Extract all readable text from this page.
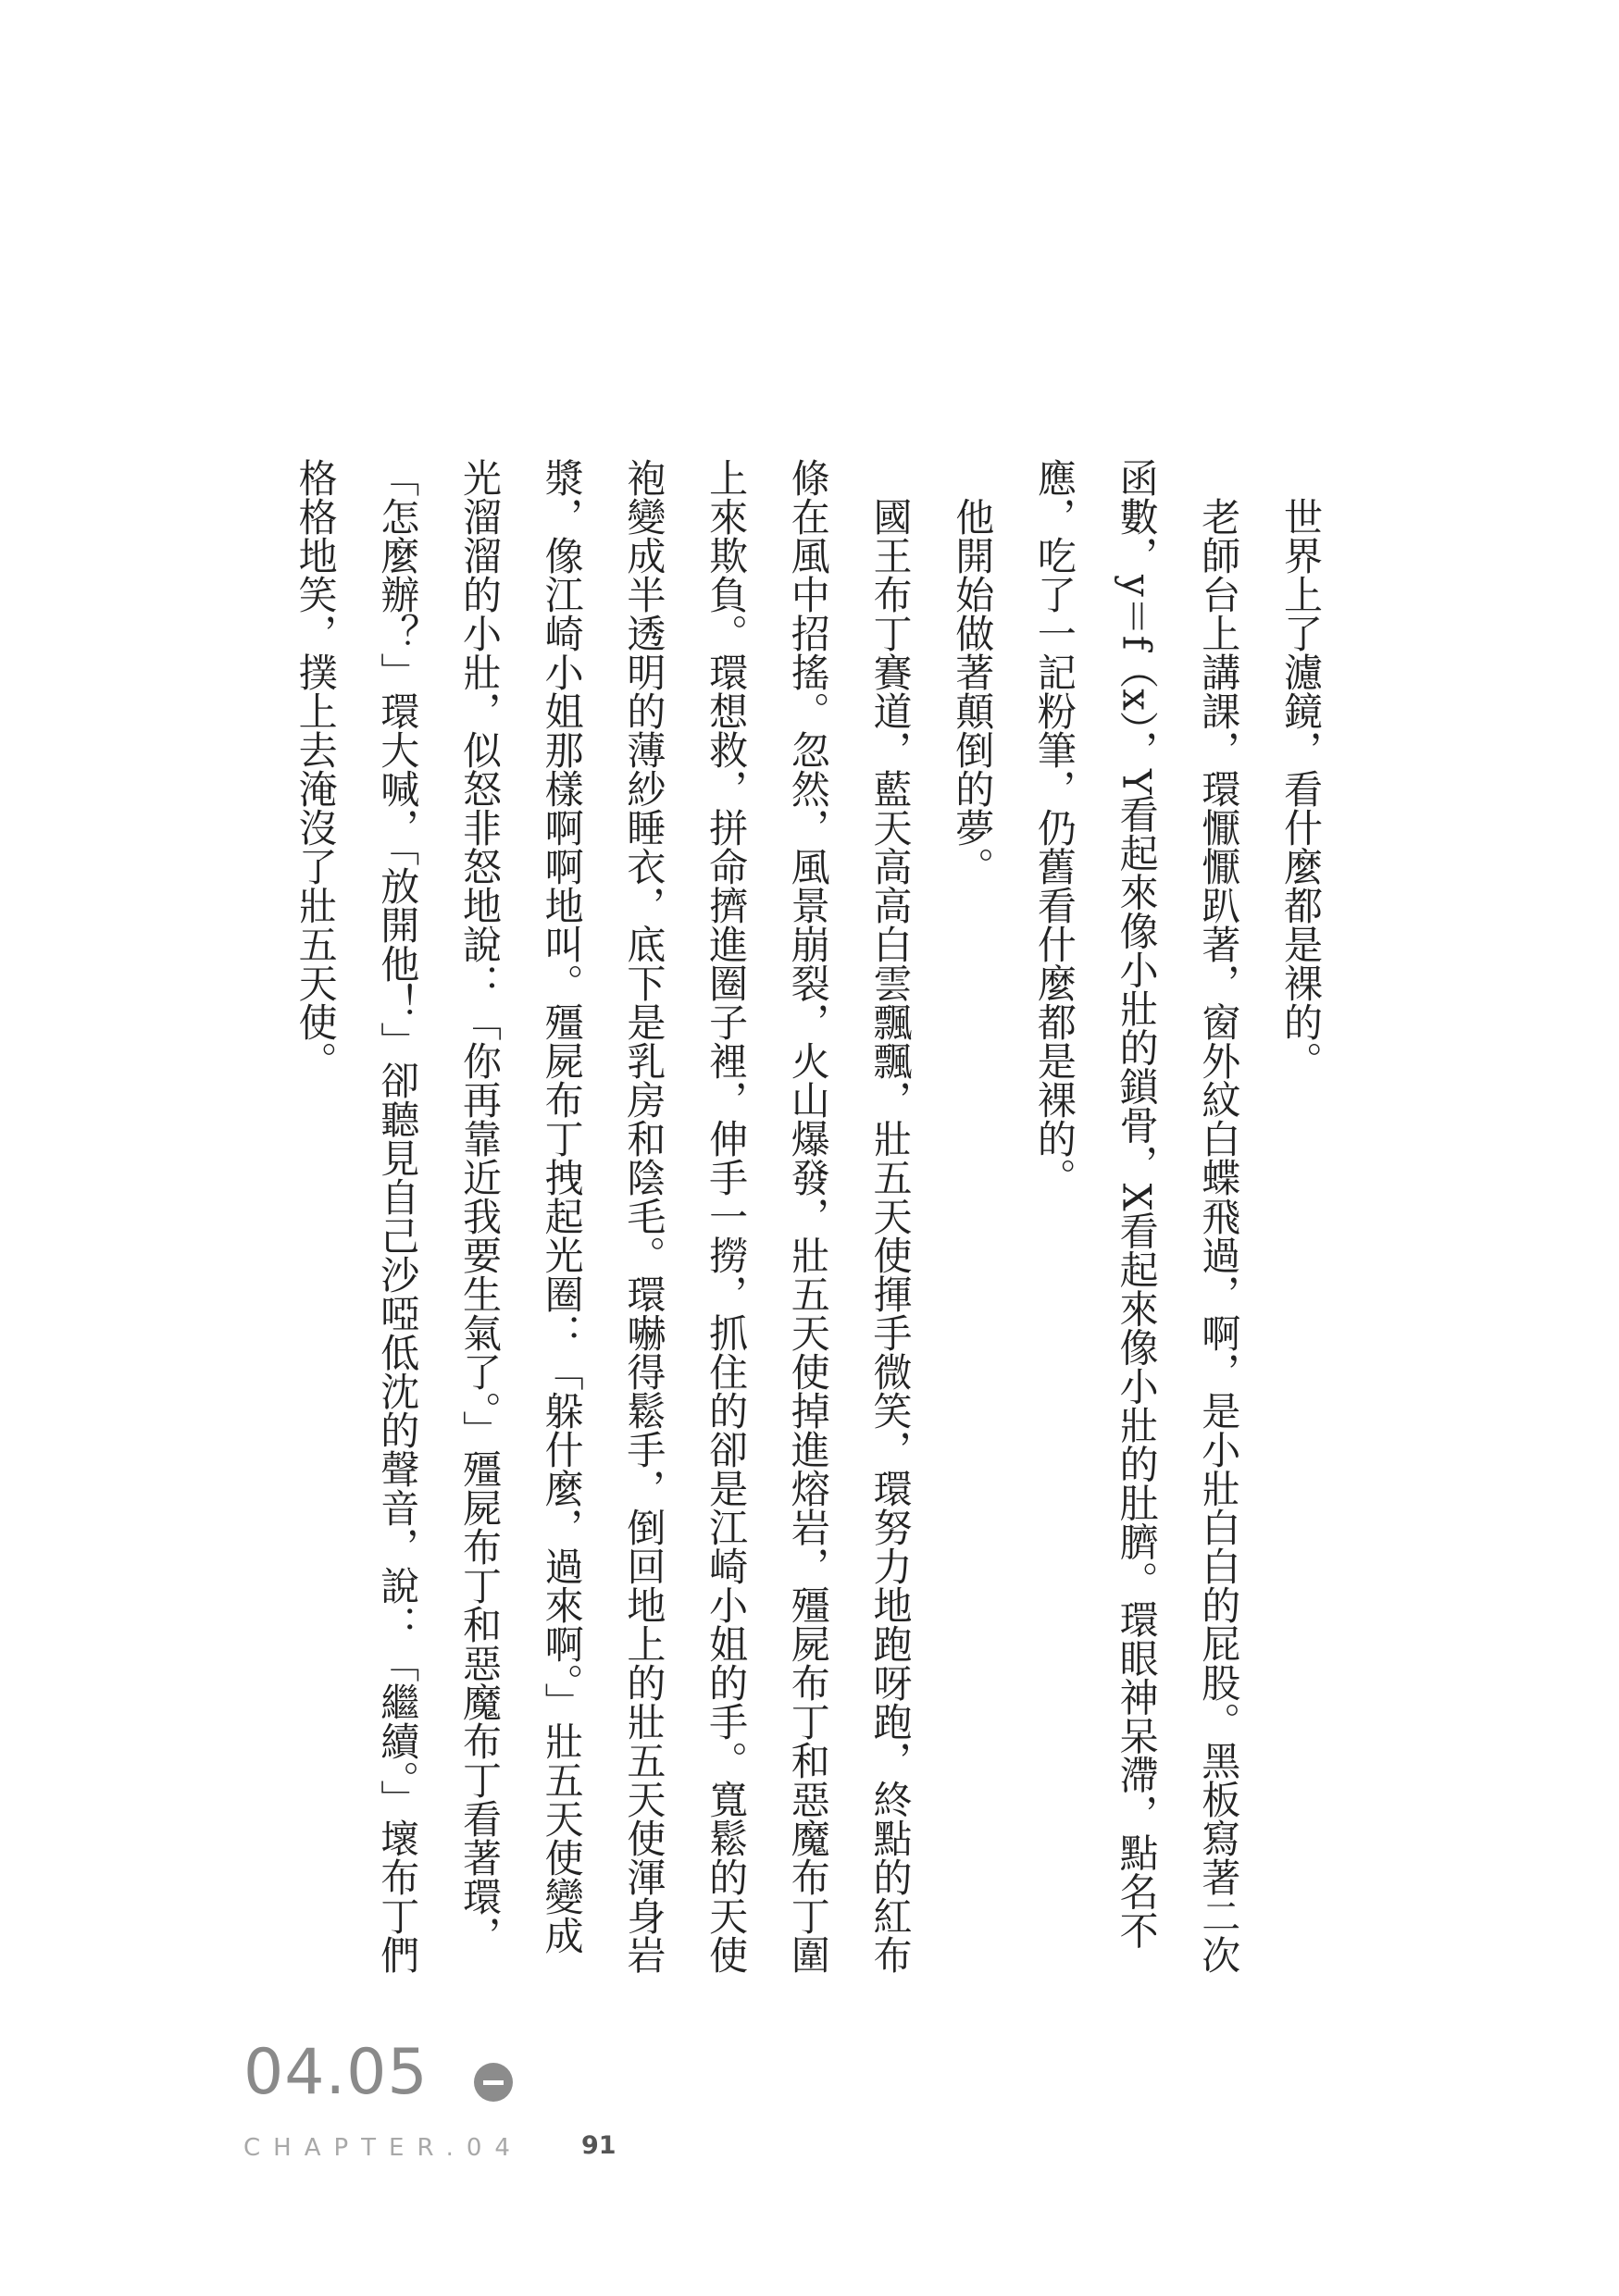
世界上了濾鏡，看什麼都是裸的。

老師台上講課，環懨懨趴著，窗外紋白蝶飛過，啊，是小壯白白的屁股。黑板寫著二次函數，y＝f（x），Y看起來像小壯的鎖骨，X看起來像小壯的肚臍。環眼神呆滯，點名不應，吃了一記粉筆，仍舊看什麼都是裸的。

他開始做著顛倒的夢。

國王布丁賽道，藍天高高白雲飄飄，壯五天使揮手微笑，環努力地跑呀跑，終點的紅布條在風中招搖。忽然，風景崩裂，火山爆發，壯五天使掉進熔岩，殭屍布丁和惡魔布丁圍上來欺負。環想救，拼命擠進圈子裡，伸手一撈，抓住的卻是江崎小姐的手。寬鬆的天使袍變成半透明的薄紗睡衣，底下是乳房和陰毛。環嚇得鬆手，倒回地上的壯五天使渾身岩漿，像江崎小姐那樣啊啊地叫。殭屍布丁拽起光圈：「躲什麼，過來啊。」壯五天使變成光溜溜的小壯，似怒非怒地說：「你再靠近我要生氣了。」殭屍布丁和惡魔布丁看著環，「怎麼辦？」環大喊，「放開他！」卻聽見自己沙啞低沈的聲音，說：「繼續。」壞布丁們格格地笑，撲上去淹沒了壯五天使。

04.05
CHAPTER.04 91
